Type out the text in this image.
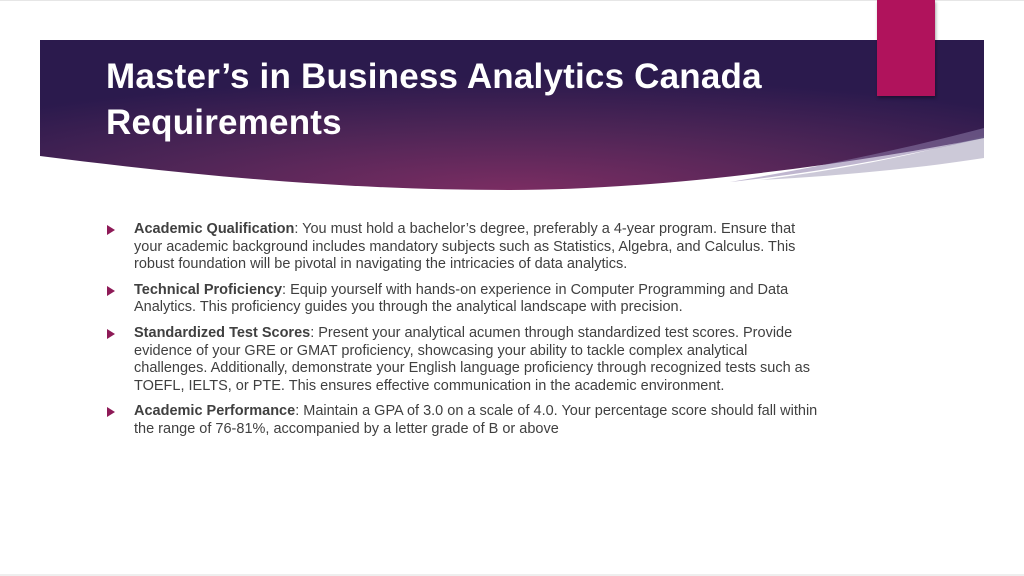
Master’s in Business Analytics Canada Requirements
Academic Qualification: You must hold a bachelor’s degree, preferably a 4-year program. Ensure that your academic background includes mandatory subjects such as Statistics, Algebra, and Calculus. This robust foundation will be pivotal in navigating the intricacies of data analytics.
Technical Proficiency: Equip yourself with hands-on experience in Computer Programming and Data Analytics. This proficiency guides you through the analytical landscape with precision.
Standardized Test Scores: Present your analytical acumen through standardized test scores. Provide evidence of your GRE or GMAT proficiency, showcasing your ability to tackle complex analytical challenges. Additionally, demonstrate your English language proficiency through recognized tests such as TOEFL, IELTS, or PTE. This ensures effective communication in the academic environment.
Academic Performance: Maintain a GPA of 3.0 on a scale of 4.0. Your percentage score should fall within the range of 76-81%, accompanied by a letter grade of B or above
